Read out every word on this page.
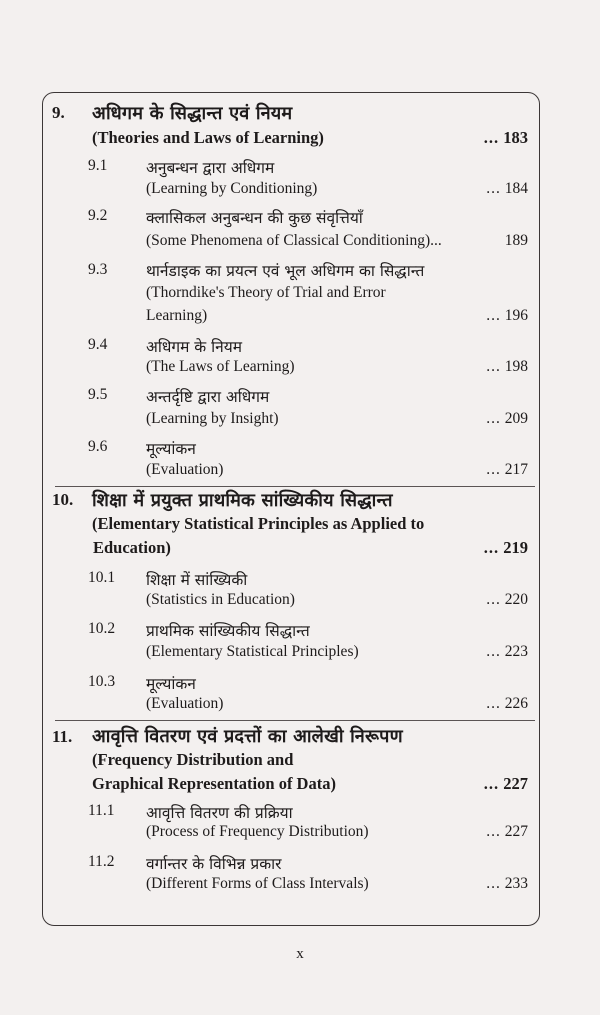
9. अधिगम के सिद्धान्त एवं नियम
(Theories and Laws of Learning)	... 183
9.1 अनुबन्धन द्वारा अधिगम
(Learning by Conditioning)	... 184
9.2 क्लासिकल अनुबन्धन की कुछ संवृत्तियाँ
(Some Phenomena of Classical Conditioning)...	189
9.3 थार्नडाइक का प्रयत्न एवं भूल अधिगम का सिद्धान्त
(Thorndike's Theory of Trial and Error
Learning)	... 196
9.4 अधिगम के नियम
(The Laws of Learning)	... 198
9.5 अन्तर्दृष्टि द्वारा अधिगम
(Learning by Insight)	... 209
9.6 मूल्यांकन
(Evaluation)	... 217
10. शिक्षा में प्रयुक्त प्राथमिक सांख्यिकीय सिद्धान्त
(Elementary Statistical Principles as Applied to
Education)	... 219
10.1 शिक्षा में सांख्यिकी
(Statistics in Education)	... 220
10.2 प्राथमिक सांख्यिकीय सिद्धान्त
(Elementary Statistical Principles)	... 223
10.3 मूल्यांकन
(Evaluation)	... 226
11. आवृत्ति वितरण एवं प्रदत्तों का आलेखी निरूपण
(Frequency Distribution and
Graphical Representation of Data)	... 227
11.1 आवृत्ति वितरण की प्रक्रिया
(Process of Frequency Distribution)	... 227
11.2 वर्गान्तर के विभिन्न प्रकार
(Different Forms of Class Intervals)	... 233
x
